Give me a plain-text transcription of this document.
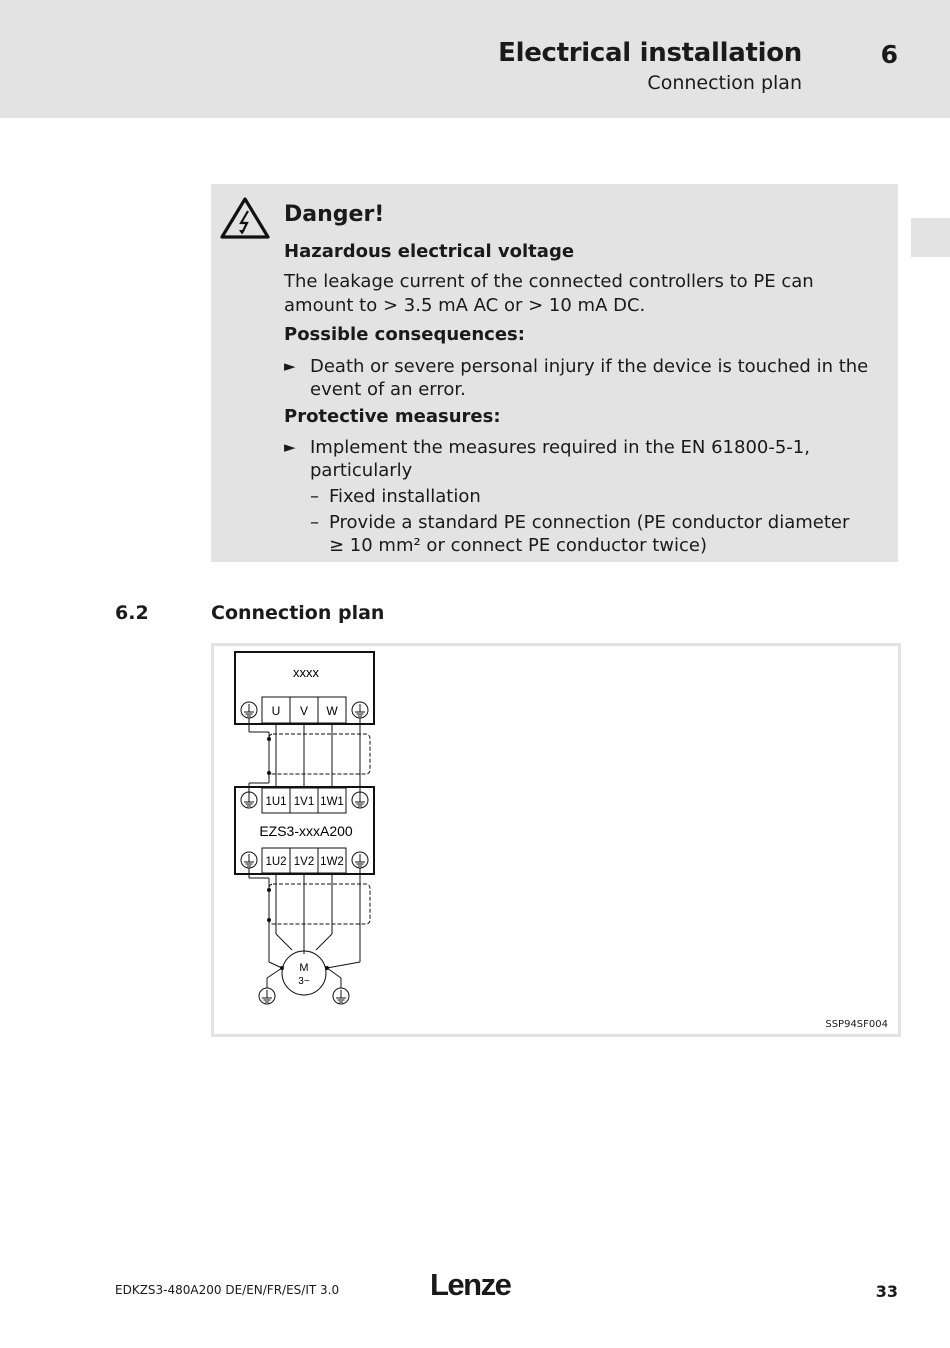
Electrical installation
Connection plan
6
Danger!
Hazardous electrical voltage
The leakage current of the connected controllers to PE can amount to > 3.5 mA AC or > 10 mA DC.
Possible consequences:
► Death or severe personal injury if the device is touched in the event of an error.
Protective measures:
► Implement the measures required in the EN 61800-5-1, particularly
– Fixed installation
– Provide a standard PE connection (PE conductor diameter ≥ 10 mm² or connect PE conductor twice)
6.2	Connection plan
xxxx
U V W
1U1 1V1 1W1
EZS3-xxxA200
1U2 1V2 1W2
M
3~
SSP94SF004
EDKZS3-480A200 DE/EN/FR/ES/IT 3.0	Lenze	33
